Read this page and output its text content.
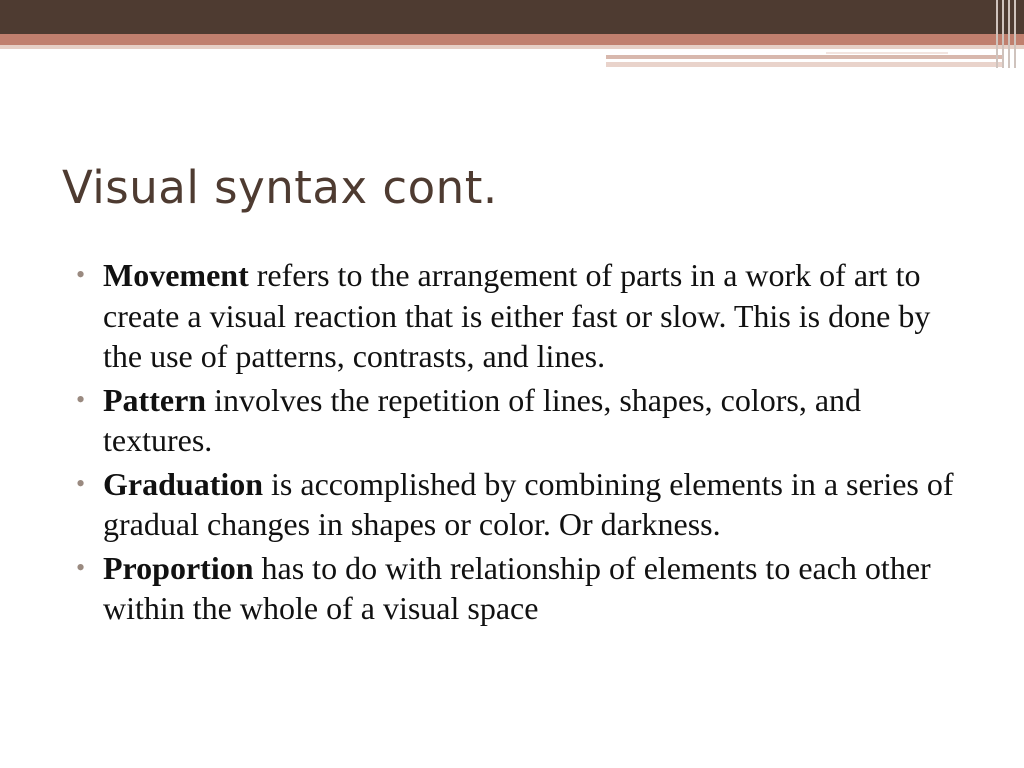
Visual syntax cont.
• Movement refers to the arrangement of parts in a work of art to create a visual reaction that is either fast or slow. This is done by the use of patterns, contrasts, and lines.
• Pattern involves the repetition of lines, shapes, colors, and textures.
• Graduation is accomplished by combining elements in a series of gradual changes in shapes or color. Or darkness.
• Proportion has to do with relationship of elements to each other within the whole of a visual space
